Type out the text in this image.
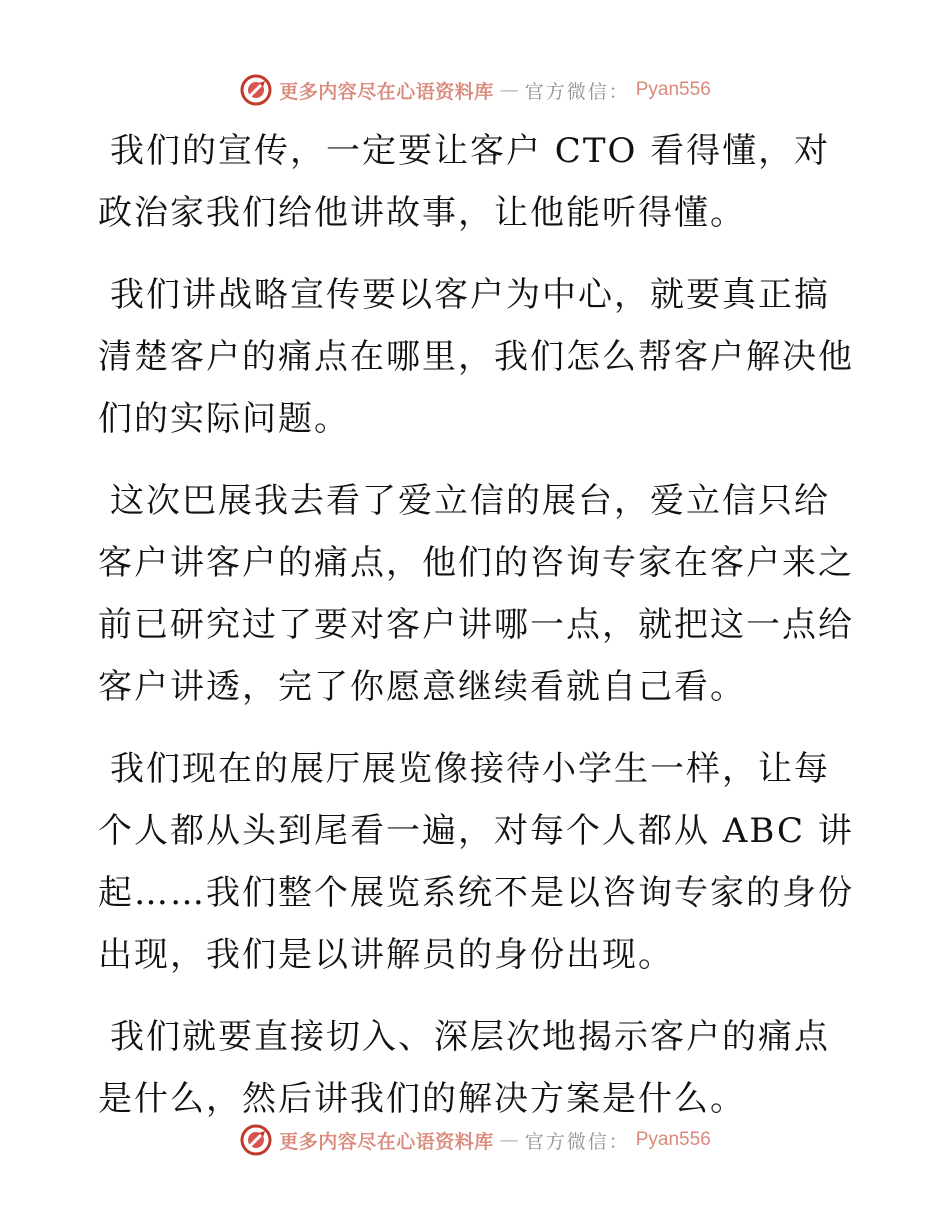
更多内容尽在心语资料库 — 官方微信： Pyan556

我们的宣传，一定要让客户 CTO 看得懂，对政治家我们给他讲故事，让他能听得懂。

我们讲战略宣传要以客户为中心，就要真正搞清楚客户的痛点在哪里，我们怎么帮客户解决他们的实际问题。

这次巴展我去看了爱立信的展台，爱立信只给客户讲客户的痛点，他们的咨询专家在客户来之前已研究过了要对客户讲哪一点，就把这一点给客户讲透，完了你愿意继续看就自己看。

我们现在的展厅展览像接待小学生一样，让每个人都从头到尾看一遍，对每个人都从 ABC 讲起……我们整个展览系统不是以咨询专家的身份出现，我们是以讲解员的身份出现。

我们就要直接切入、深层次地揭示客户的痛点是什么，然后讲我们的解决方案是什么。

更多内容尽在心语资料库 — 官方微信： Pyan556
